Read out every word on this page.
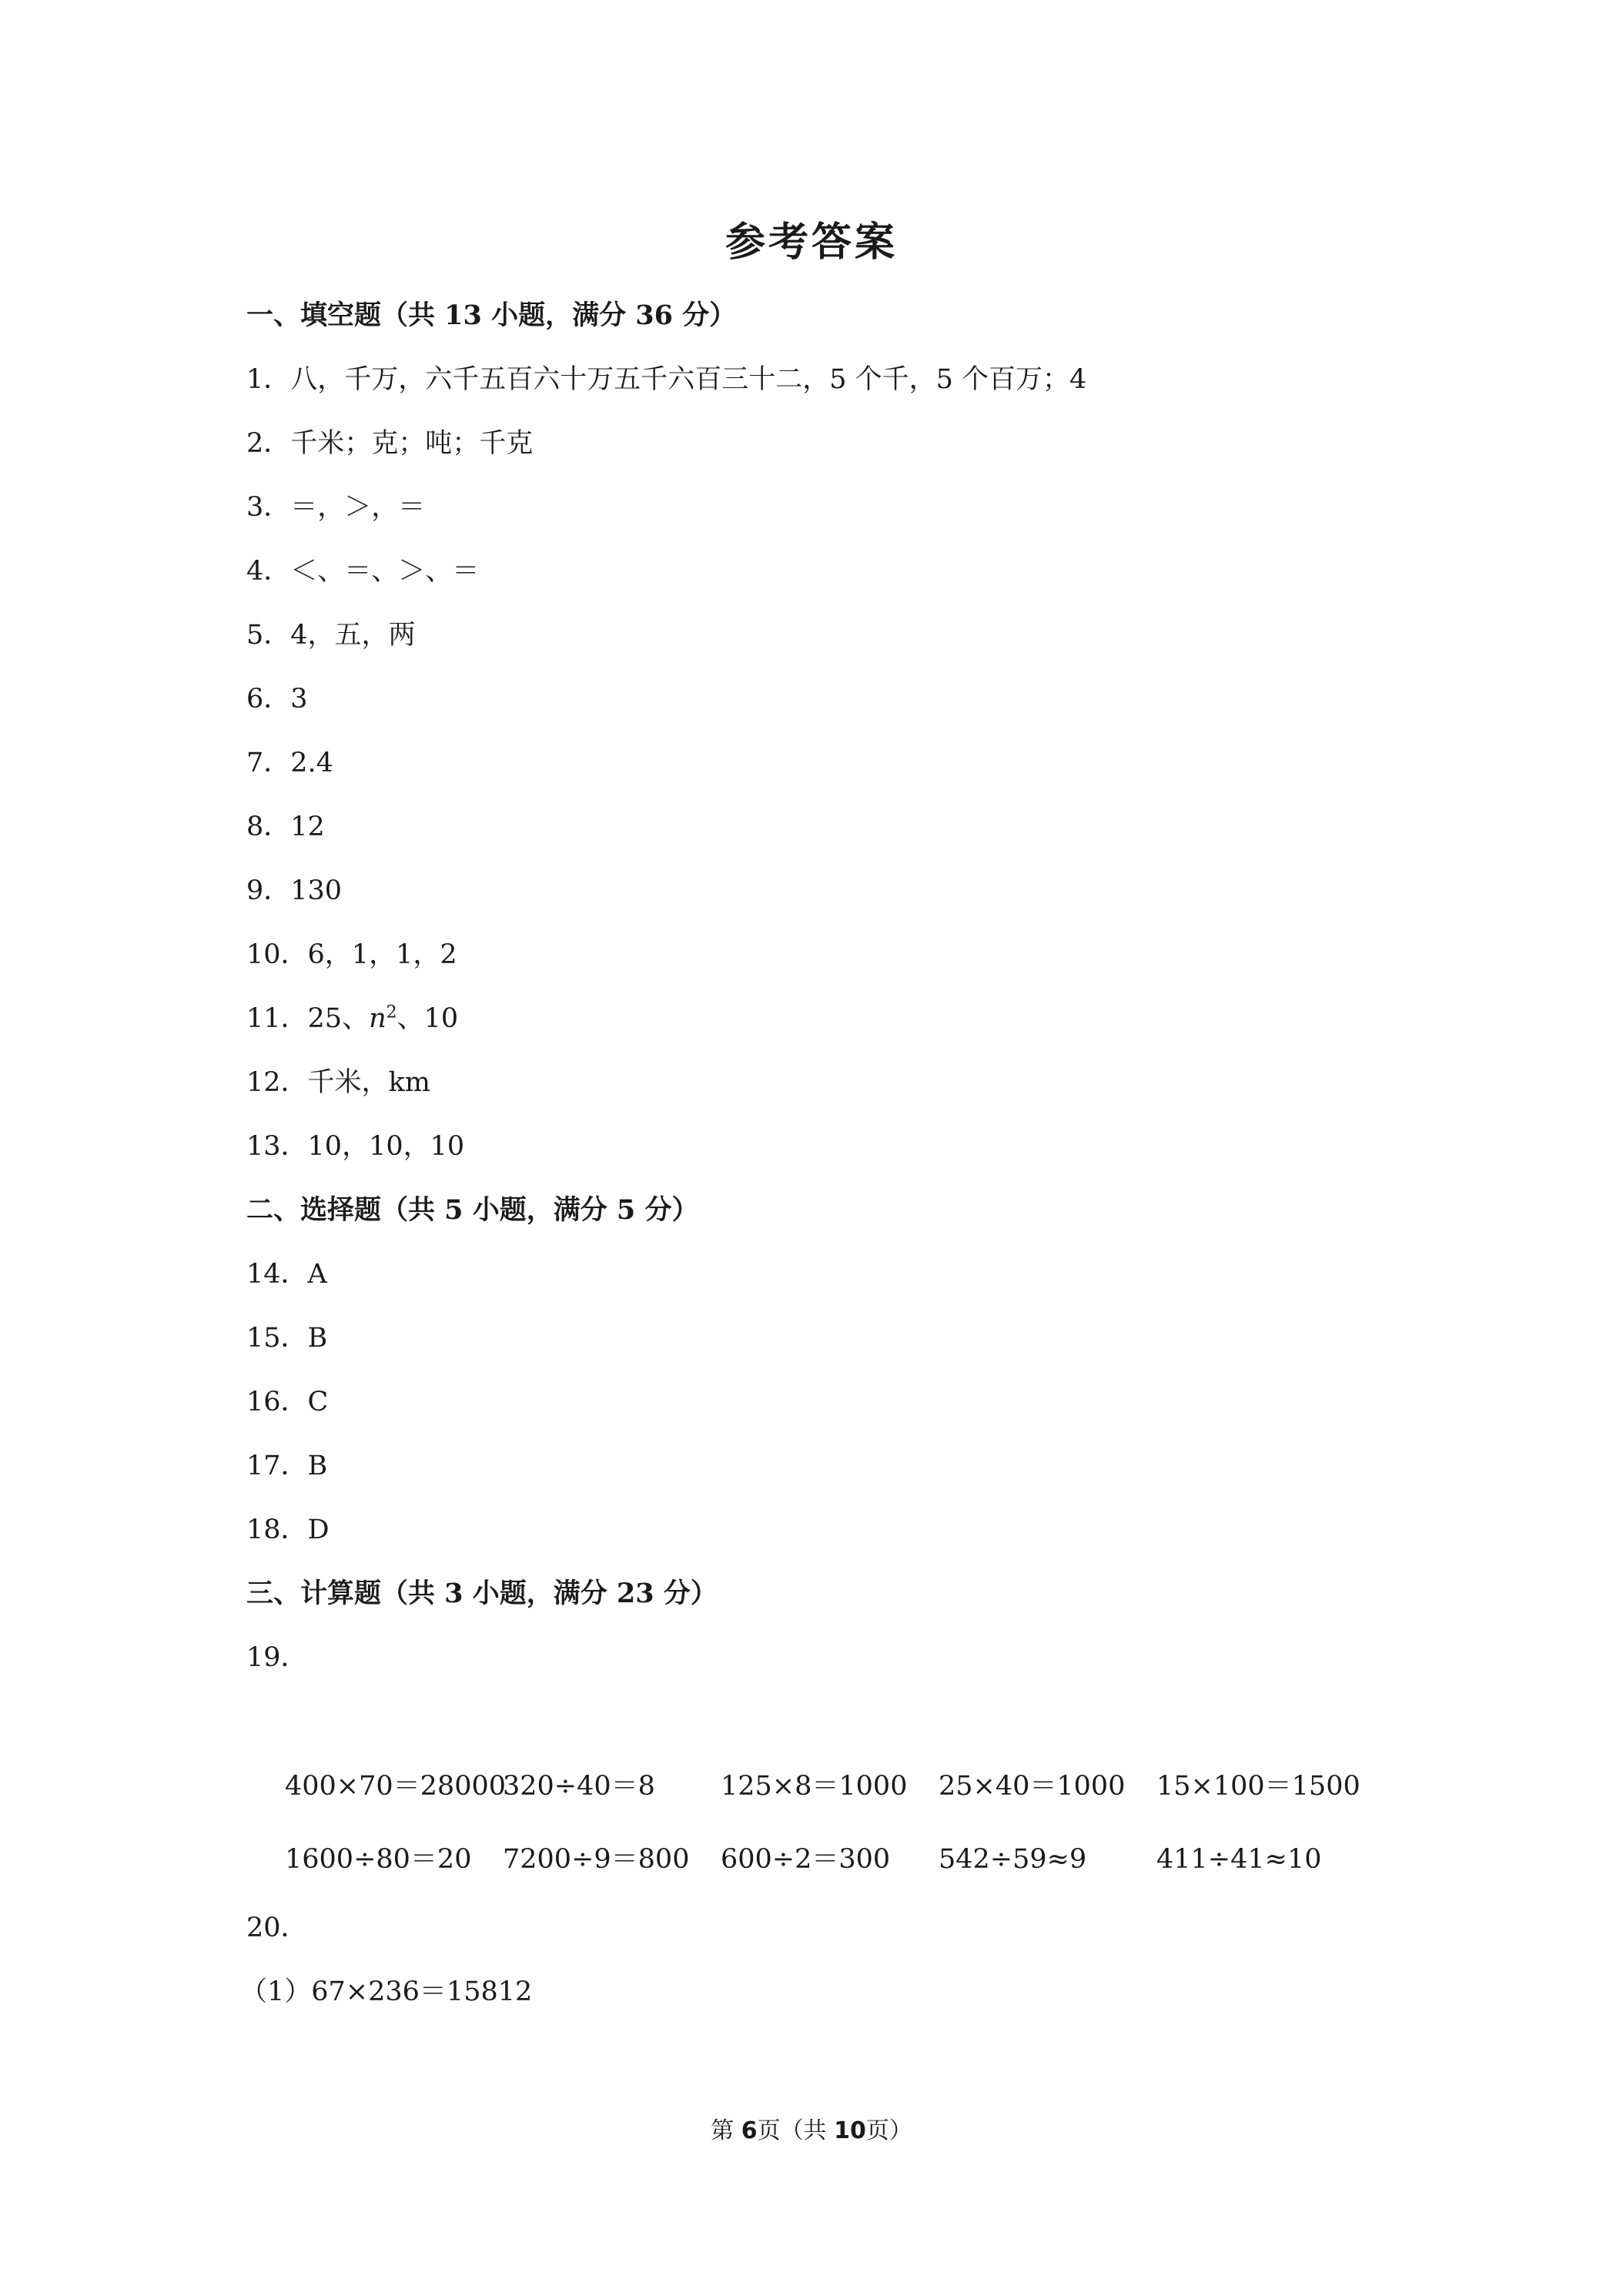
参考答案
一、填空题（共 13 小题，满分 36 分）
1．八，千万，六千五百六十万五千六百三十二，5 个千，5 个百万；4
2．千米；克；吨；千克
3．＝，＞，＝
4．＜、＝、＞、＝
5．4，五，两
6．3
7．2.4
8．12
9．130
10．6，1，1，2
11．25、$n^2$、10
12．千米，km
13．10，10，10
二、选择题（共 5 小题，满分 5 分）
14．A
15．B
16．C
17．B
18．D
三、计算题（共 3 小题，满分 23 分）
19．
400×70＝28000
320÷40＝8 125×8＝1000 25×40＝1000 15×100＝1500
1600÷80＝20 7200÷9＝800 600÷2＝300 542÷59≈9	411÷41≈10
20．
（1）67×236＝15812
第 6页（共 10页）
